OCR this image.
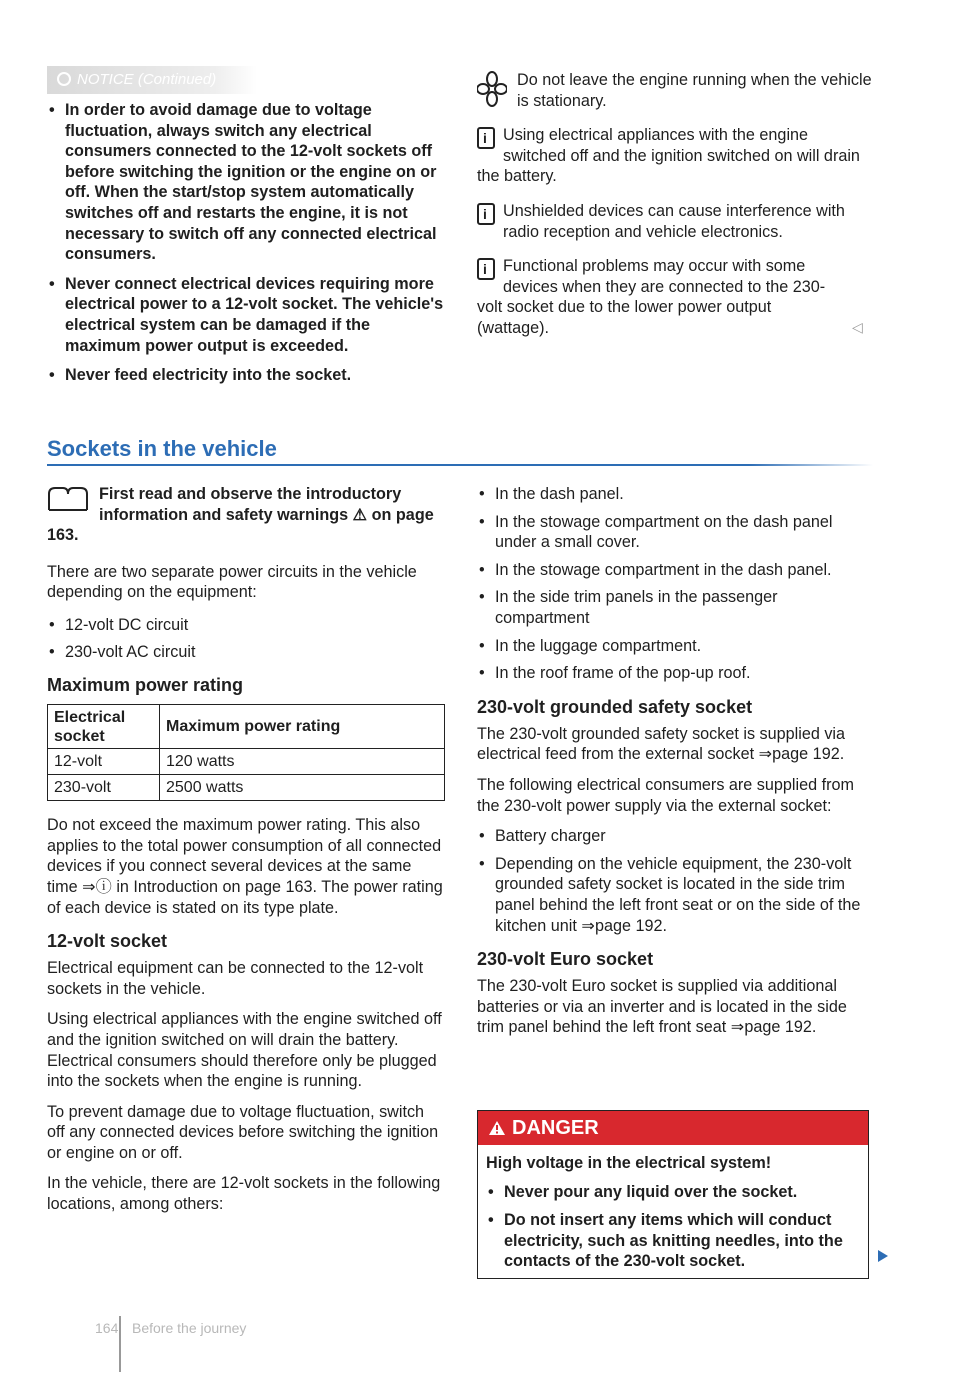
NOTICE (Continued)
• In order to avoid damage due to voltage fluctuation, always switch any electrical consumers connected to the 12-volt sockets off before switching the ignition or the engine on or off. When the start/stop system automatically switches off and restarts the engine, it is not necessary to switch off any connected electrical consumers.
• Never connect electrical devices requiring more electrical power to a 12-volt socket. The vehicle's electrical system can be damaged if the maximum power output is exceeded.
• Never feed electricity into the socket.

Do not leave the engine running when the vehicle is stationary.

i

Using electrical appliances with the engine switched off and the ignition switched on will drain the battery.

i

Unshielded devices can cause interference with radio reception and vehicle electronics.

i

Functional problems may occur with some devices when they are connected to the 230-volt socket due to the lower power output (wattage).	◁
Sockets in the vehicle

First read and observe the introductory information and safety warnings ⚠ on page 163.

There are two separate power circuits in the vehicle depending on the equipment:

• 12-volt DC circuit
• 230-volt AC circuit
Maximum power rating
Electrical socket	Maximum power rating
12-volt	120 watts
230-volt	2500 watts

Do not exceed the maximum power rating. This also applies to the total power consumption of all connected devices if you connect several devices at the same time ⇒ⓘ in Introduction on page 163. The power rating of each device is stated on its type plate.

12-volt socket

Electrical equipment can be connected to the 12-volt sockets in the vehicle.

Using electrical appliances with the engine switched off and the ignition switched on will drain the battery. Electrical consumers should therefore only be plugged into the sockets when the engine is running.

To prevent damage due to voltage fluctuation, switch off any connected devices before switching the ignition or engine on or off.

In the vehicle, there are 12-volt sockets in the following locations, among others:

• In the dash panel.
• In the stowage compartment on the dash panel under a small cover.
• In the stowage compartment in the dash panel.
• In the side trim panels in the passenger compartment
• In the luggage compartment.
• In the roof frame of the pop-up roof.
230-volt grounded safety socket

The 230-volt grounded safety socket is supplied via electrical feed from the external socket ⇒page 192.

The following electrical consumers are supplied from the 230-volt power supply via the external socket:

• Battery charger
• Depending on the vehicle equipment, the 230-volt grounded safety socket is located in the side trim panel behind the left front seat or on the side of the kitchen unit ⇒page 192.
230-volt Euro socket

The 230-volt Euro socket is supplied via additional batteries or via an inverter and is located in the side trim panel behind the left front seat ⇒page 192.

DANGER

High voltage in the electrical system!

• Never pour any liquid over the socket.
• Do not insert any items which will conduct electricity, such as knitting needles, into the contacts of the 230-volt socket.
164 Before the journey
